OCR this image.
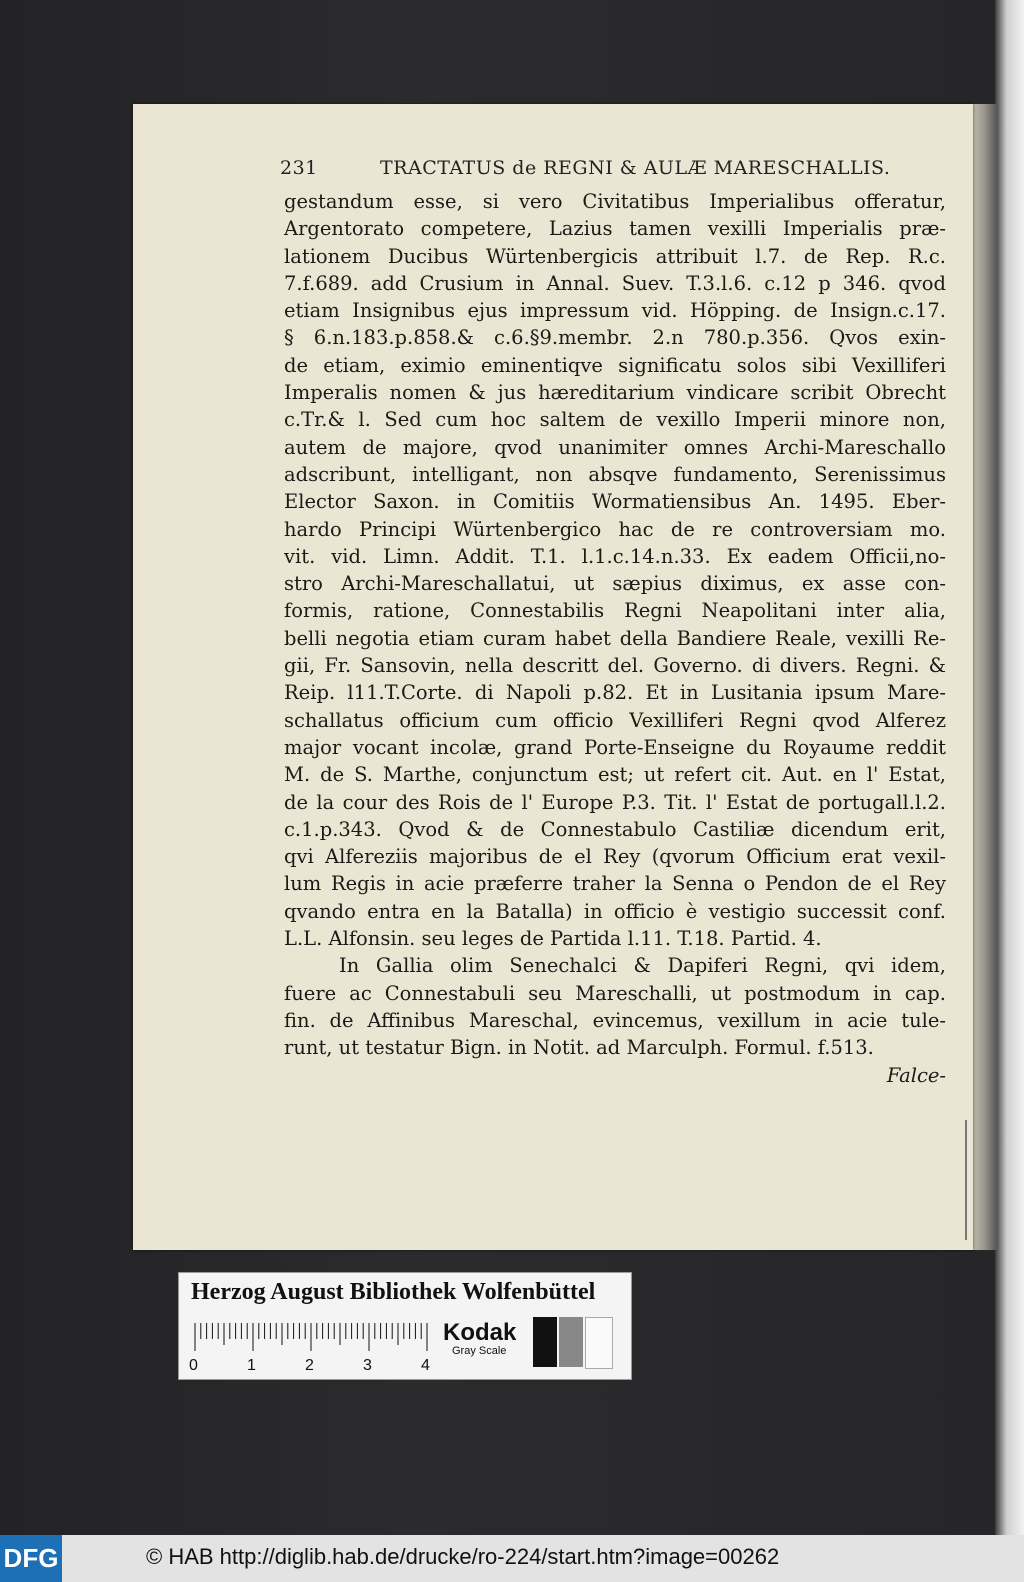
231	TRACTATUS de REGNI & AULÆ MARESCHALLIS.
gestandum esse, si vero Civitatibus Imperialibus offeratur,
Argentorato competere, Lazius tamen vexilli Imperialis præ-
lationem Ducibus Würtenbergicis attribuit l.7. de Rep. R.c.
7.f.689. add Crusium in Annal. Suev. T.3.l.6. c.12 p 346. qvod
etiam Insignibus ejus impressum vid. Höpping. de Insign.c.17.
§ 6.n.183.p.858.& c.6.§9.membr. 2.n 780.p.356. Qvos exin-
de etiam, eximio eminentiqve significatu solos sibi Vexilliferi
Imperalis nomen & jus hæreditarium vindicare scribit Obrecht
c.Tr.& l. Sed cum hoc saltem de vexillo Imperii minore non,
autem de majore, qvod unanimiter omnes Archi-Mareschallo
adscribunt, intelligant, non absqve fundamento, Serenissimus
Elector Saxon. in Comitiis Wormatiensibus An. 1495. Eber-
hardo Principi Würtenbergico hac de re controversiam mo.
vit. vid. Limn. Addit. T.1. l.1.c.14.n.33. Ex eadem Officii,no-
stro Archi-Mareschallatui, ut sæpius diximus, ex asse con-
formis, ratione, Connestabilis Regni Neapolitani inter alia,
belli negotia etiam curam habet della Bandiere Reale, vexilli Re-
gii, Fr. Sansovin, nella descritt del. Governo. di divers. Regni. &
Reip. l11.T.Corte. di Napoli p.82. Et in Lusitania ipsum Mare-
schallatus officium cum officio Vexilliferi Regni qvod Alferez
major vocant incolæ, grand Porte-Enseigne du Royaume reddit
M. de S. Marthe, conjunctum est; ut refert cit. Aut. en l' Estat,
de la cour des Rois de l' Europe P.3. Tit. l' Estat de portugall.l.2.
c.1.p.343. Qvod & de Connestabulo Castiliæ dicendum erit,
qvi Alfereziis majoribus de el Rey (qvorum Officium erat vexil-
lum Regis in acie præferre traher la Senna o Pendon de el Rey
qvando entra en la Batalla) in officio è vestigio successit conf.
L.L. Alfonsin. seu leges de Partida l.11. T.18. Partid. 4.
In Gallia olim Senechalci & Dapiferi Regni, qvi idem,
fuere ac Connestabuli seu Mareschalli, ut postmodum in cap.
fin. de Affinibus Mareschal, evincemus, vexillum in acie tule-
runt, ut testatur Bign. in Notit. ad Marculph. Formul. f.513.
Falce-
Herzog August Bibliothek Wolfenbüttel
0	1	2	3	4
Kodak
Gray Scale
DFG	© HAB http://diglib.hab.de/drucke/ro-224/start.htm?image=00262
